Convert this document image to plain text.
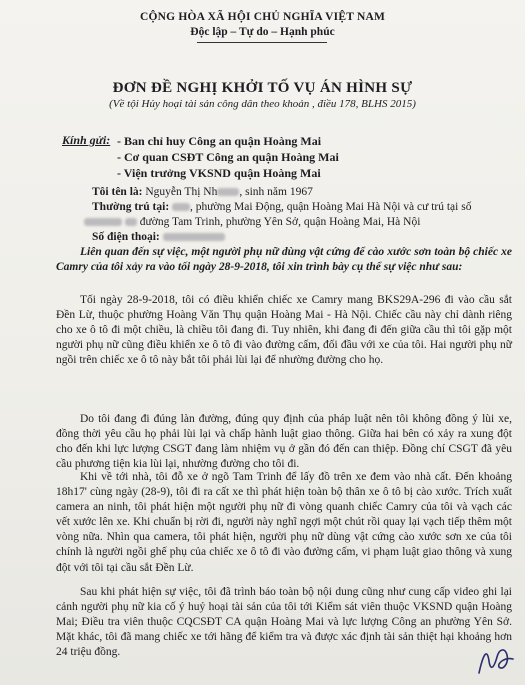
CỘNG HÒA XÃ HỘI CHỦ NGHĨA VIỆT NAM
Độc lập – Tự do – Hạnh phúc
ĐƠN ĐỀ NGHỊ KHỞI TỐ VỤ ÁN HÌNH SỰ
(Về tội Hủy hoại tài sản công dân theo khoản , điều 178, BLHS 2015)
Kính gửi: - Ban chỉ huy Công an quận Hoàng Mai
- Cơ quan CSĐT Công an quận Hoàng Mai
- Viện trưởng VKSND quận Hoàng Mai
Tôi tên là: Nguyễn Thị Nh , sinh năm 1967
Thường trú tại: , phường Mai Động, quận Hoàng Mai Hà Nội và cư trú tại số
đường Tam Trinh, phường Yên Sở, quận Hoàng Mai, Hà Nội
Số điện thoại:
Liên quan đến sự việc, một người phụ nữ dùng vật cứng để cào xước sơn toàn bộ chiếc xe Camry của tôi xảy ra vào tối ngày 28-9-2018, tôi xin trình bày cụ thể sự việc như sau:
Tối ngày 28-9-2018, tôi có điều khiển chiếc xe Camry mang BKS29A-296 đi vào cầu sắt Đền Lừ, thuộc phường Hoàng Văn Thụ quận Hoàng Mai - Hà Nội. Chiếc cầu này chỉ dành riêng cho xe ô tô đi một chiều, là chiều tôi đang đi. Tuy nhiên, khi đang đi đến giữa cầu thì tôi gặp một người phụ nữ cũng điều khiển xe ô tô đi vào đường cấm, đối đầu với xe của tôi. Hai người phụ nữ ngồi trên chiếc xe ô tô này bắt tôi phải lùi lại để nhường đường cho họ.
Do tôi đang đi đúng làn đường, đúng quy định của pháp luật nên tôi không đồng ý lùi xe, đồng thời yêu cầu họ phải lùi lại và chấp hành luật giao thông. Giữa hai bên có xảy ra xung đột cho đến khi lực lượng CSGT đang làm nhiệm vụ ở gần đó đến can thiệp. Đồng chí CSGT đã yêu cầu phương tiện kia lùi lại, nhường đường cho tôi đi.
Khi về tới nhà, tôi đỗ xe ở ngõ Tam Trinh để lấy đồ trên xe đem vào nhà cất. Đến khoảng 18h17' cùng ngày (28-9), tôi đi ra cất xe thì phát hiện toàn bộ thân xe ô tô bị cào xước. Trích xuất camera an ninh, tôi phát hiện một người phụ nữ đi vòng quanh chiếc Camry của tôi và vạch các vết xước lên xe. Khi chuẩn bị rời đi, người này nghĩ ngợi một chút rồi quay lại vạch tiếp thêm một vòng nữa. Nhìn qua camera, tôi phát hiện, người phụ nữ dùng vật cứng cào xước sơn xe của tôi chính là người ngồi ghế phụ của chiếc xe ô tô đi vào đường cấm, vi phạm luật giao thông và xung đột với tôi tại cầu sắt Đền Lừ.
Sau khi phát hiện sự việc, tôi đã trình báo toàn bộ nội dung cũng như cung cấp video ghi lại cảnh người phụ nữ kia cố ý huỷ hoại tài sản của tôi tới Kiểm sát viên thuộc VKSND quận Hoàng Mai; Điều tra viên thuộc CQCSĐT CA quận Hoàng Mai và lực lượng Công an phường Yên Sở. Mặt khác, tôi đã mang chiếc xe tới hãng để kiểm tra và được xác định tài sản thiệt hại khoảng hơn 24 triệu đồng.
